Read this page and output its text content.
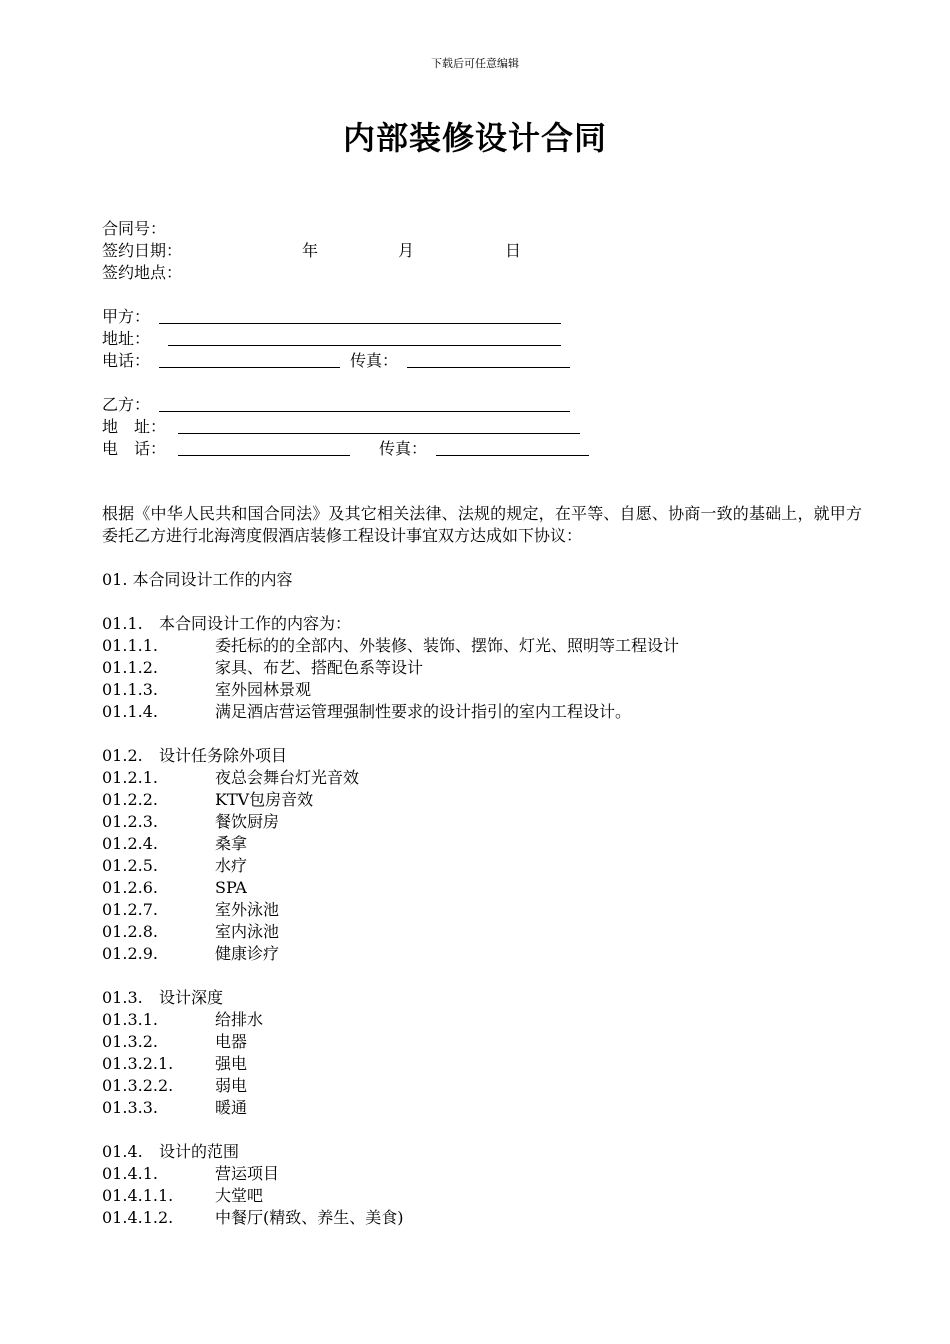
下载后可任意编辑
内部装修设计合同
合同号：
签约日期：	年	月	日
签约地点：
甲方：
地址：
电话：	传真：
乙方：
地　址：
电　话：	传真：
根据《中华人民共和国合同法》及其它相关法律、法规的规定，在平等、自愿、协商一致的基础上，就甲方委托乙方进行北海湾度假酒店装修工程设计事宜双方达成如下协议：
01. 本合同设计工作的内容
01.1. 本合同设计工作的内容为：
01.1.1.	委托标的的全部内、外装修、装饰、摆饰、灯光、照明等工程设计
01.1.2.	家具、布艺、搭配色系等设计
01.1.3.	室外园林景观
01.1.4.	满足酒店营运管理强制性要求的设计指引的室内工程设计。
01.2. 设计任务除外项目
01.2.1.	夜总会舞台灯光音效
01.2.2.	KTV包房音效
01.2.3.	餐饮厨房
01.2.4.	桑拿
01.2.5.	水疗
01.2.6.	SPA
01.2.7.	室外泳池
01.2.8.	室内泳池
01.2.9.	健康诊疗
01.3. 设计深度
01.3.1.	给排水
01.3.2.	电器
01.3.2.1.	强电
01.3.2.2.	弱电
01.3.3.	暖通
01.4. 设计的范围
01.4.1.	营运项目
01.4.1.1.	大堂吧
01.4.1.2.	中餐厅(精致、养生、美食)
